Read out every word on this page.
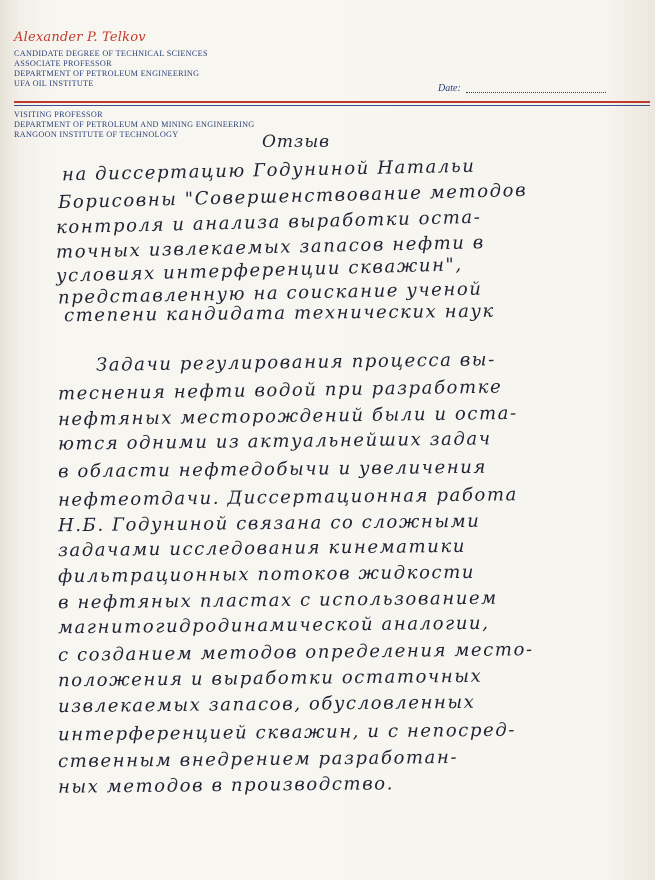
Alexander P. Telkov
CANDIDATE DEGREE OF TECHNICAL SCIENCES
ASSOCIATE PROFESSOR
DEPARTMENT OF PETROLEUM ENGINEERING
UFA OIL INSTITUTE	Date:
VISITING PROFESSOR
DEPARTMENT OF PETROLEUM AND MINING ENGINEERING
RANGOON INSTITUTE OF TECHNOLOGY	Отзыв
на диссертацию Годуниной Натальи
Борисовны "Совершенствование методов
контроля и анализа выработки оста-
точных извлекаемых запасов нефти в
условиях интерференции скважин",
представленную на соискание ученой
степени кандидата технических наук
Задачи регулирования процесса вы-
теснения нефти водой при разработке
нефтяных месторождений были и оста-
ются одними из актуальнейших задач
в области нефтедобычи и увеличения
нефтеотдачи. Диссертационная работа
Н.Б. Годуниной связана со сложными
задачами исследования кинематики
фильтрационных потоков жидкости
в нефтяных пластах с использованием
магнитогидродинамической аналогии,
с созданием методов определения место-
положения и выработки остаточных
извлекаемых запасов, обусловленных
интерференцией скважин, и с непосред-
ственным внедрением разработан-
ных методов в производство.
